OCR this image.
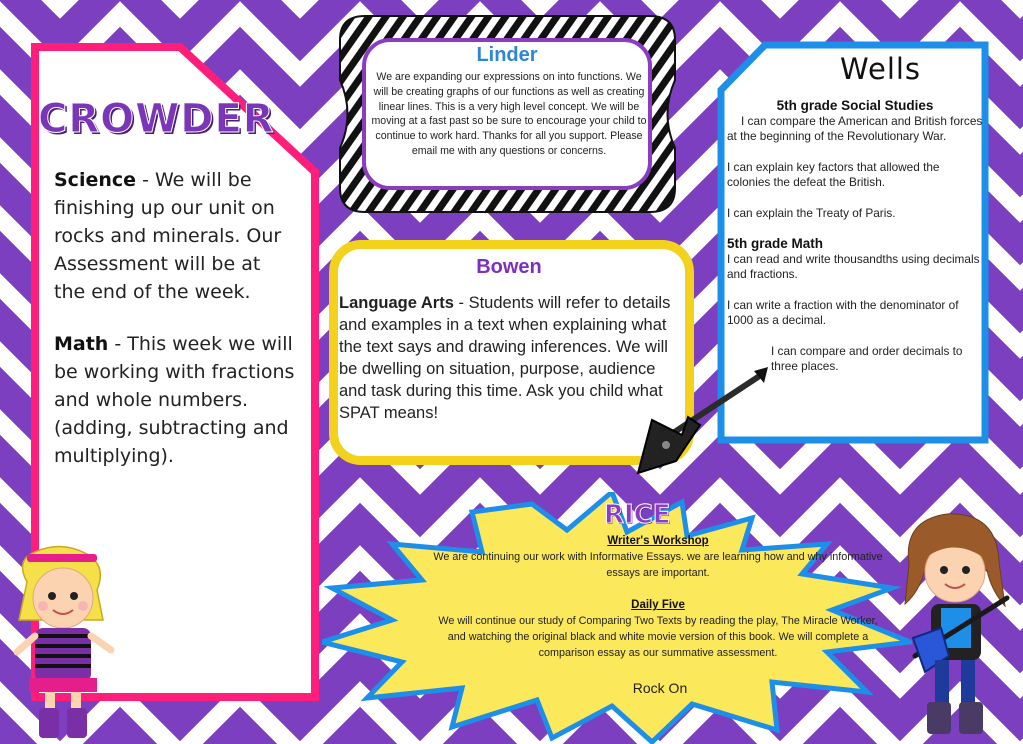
CROWDER

Science - We will be finishing up our unit on rocks and minerals. Our Assessment will be at the end of the week.

Math - This week we will be working with fractions and whole numbers.(adding, subtracting and multiplying).

Linder
We are expanding our expressions on into functions. We will be creating graphs of our functions as well as creating linear lines. This is a very high level concept. We will be moving at a fast past so be sure to encourage your child to continue to work hard. Thanks for all you support. Please email me with any questions or concerns.
Wells

5th grade Social Studies

I can compare the American and British forces at the beginning of the Revolutionary War.

I can explain key factors that allowed the colonies the defeat the British.

I can explain the Treaty of Paris.

5th grade Math

I can read and write thousandths using decimals and fractions.

I can write a fraction with the denominator of 1000 as a decimal.

I can compare and order decimals to three places.

Bowen
Language Arts - Students will refer to details and examples in a text when explaining what the text says and drawing inferences. We will be dwelling on situation, purpose, audience and task during this time. Ask you child what SPAT means!
RICE

Writer's Workshop

We are continuing our work with Informative Essays. we are learning how and why informative essays are important.

Daily Five

We will continue our study of Comparing Two Texts by reading the play, The Miracle Worker, and watching the original black and white movie version of this book. We will complete a comparison essay as our summative assessment.

Rock On
